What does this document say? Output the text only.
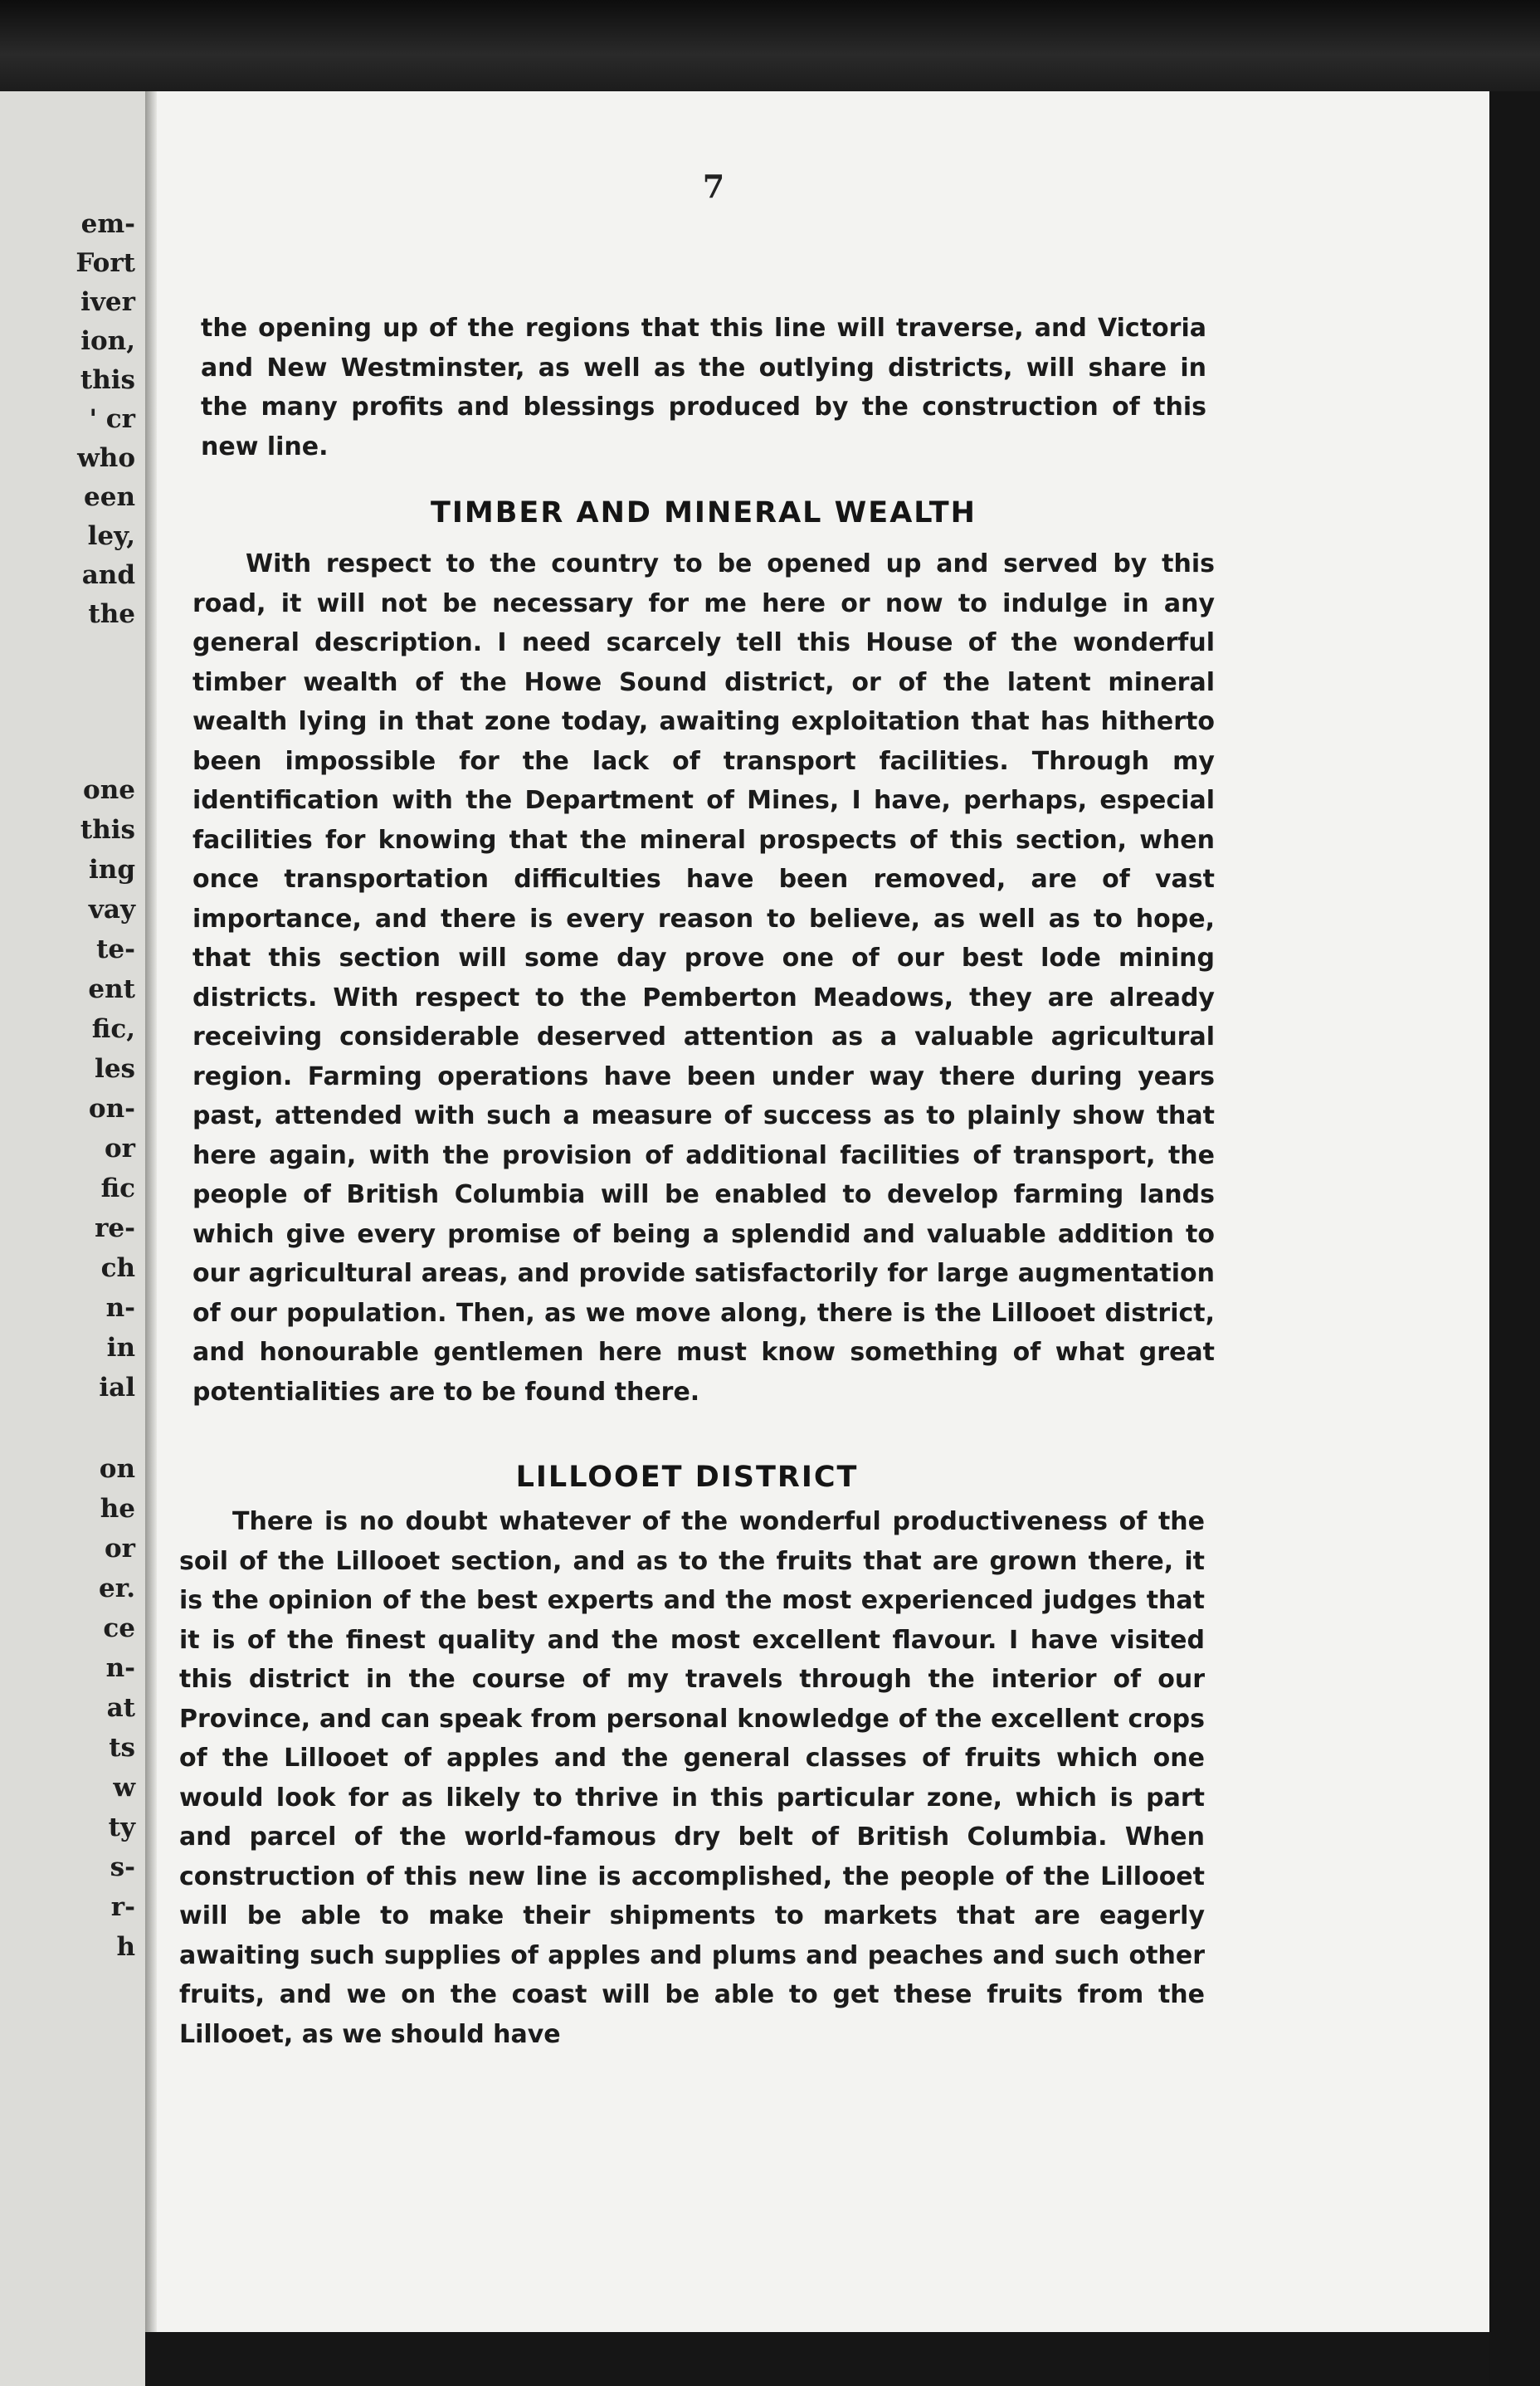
em-
Fort
iver
ion,
this
' cr
who
een
ley,
and
the
one
this
ing
vay
te-
ent
fic,
les
on-
or
fic
re-
ch
n-
in
ial
on
he
or
er.
ce
n-
at
ts
w
ty
s-
r-
h
7

the opening up of the regions that this line will traverse, and Victoria and New Westminster, as well as the outlying districts, will share in the many profits and blessings produced by the construction of this new line.

TIMBER AND MINERAL WEALTH

With respect to the country to be opened up and served by this road, it will not be necessary for me here or now to indulge in any general description. I need scarcely tell this House of the wonderful timber wealth of the Howe Sound district, or of the latent mineral wealth lying in that zone today, awaiting exploitation that has hitherto been impossible for the lack of transport facilities. Through my identification with the Department of Mines, I have, perhaps, especial facilities for knowing that the mineral prospects of this section, when once transportation difficulties have been removed, are of vast importance, and there is every reason to believe, as well as to hope, that this section will some day prove one of our best lode mining districts. With respect to the Pemberton Meadows, they are already receiving considerable deserved attention as a valuable agricultural region. Farming operations have been under way there during years past, attended with such a measure of success as to plainly show that here again, with the provision of additional facilities of transport, the people of British Columbia will be enabled to develop farming lands which give every promise of being a splendid and valuable addition to our agricultural areas, and provide satisfactorily for large augmentation of our population. Then, as we move along, there is the Lillooet district, and honourable gentlemen here must know something of what great potentialities are to be found there.

LILLOOET DISTRICT

There is no doubt whatever of the wonderful productiveness of the soil of the Lillooet section, and as to the fruits that are grown there, it is the opinion of the best experts and the most experienced judges that it is of the finest quality and the most excellent flavour. I have visited this district in the course of my travels through the interior of our Province, and can speak from personal knowledge of the excellent crops of the Lillooet of apples and the general classes of fruits which one would look for as likely to thrive in this particular zone, which is part and parcel of the world-famous dry belt of British Columbia. When construction of this new line is accomplished, the people of the Lillooet will be able to make their shipments to markets that are eagerly awaiting such supplies of apples and plums and peaches and such other fruits, and we on the coast will be able to get these fruits from the Lillooet, as we should have
